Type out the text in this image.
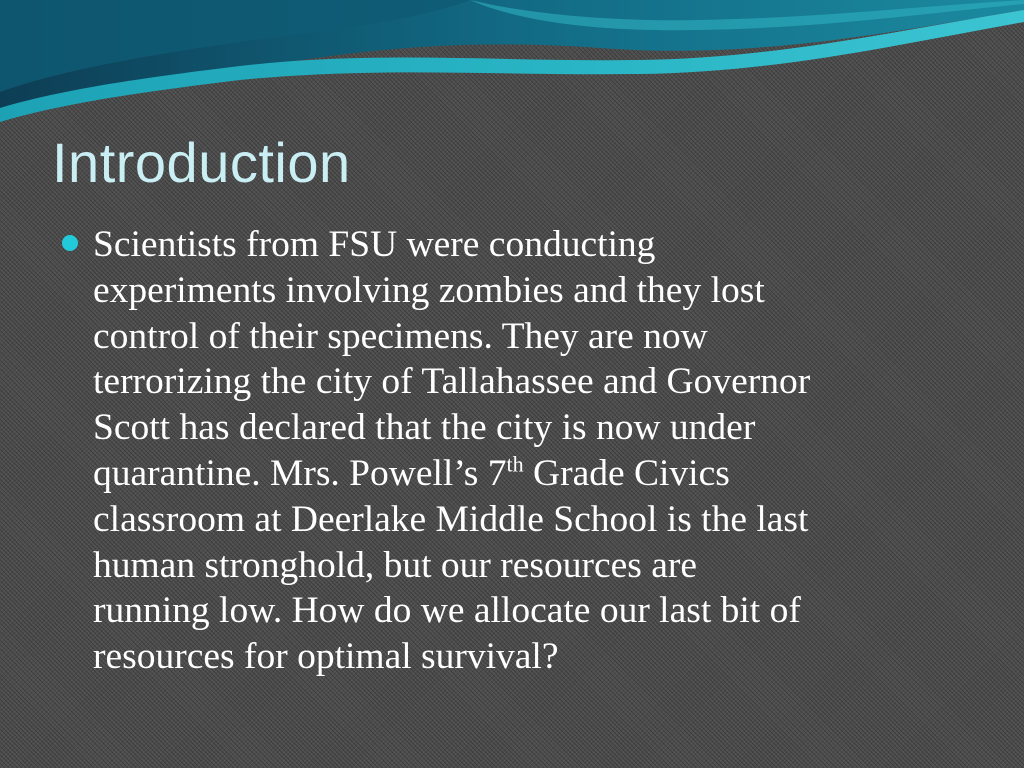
Introduction

Scientists from FSU were conducting
experiments involving zombies and they lost
control of their specimens. They are now
terrorizing the city of Tallahassee and Governor
Scott has declared that the city is now under
quarantine. Mrs. Powell’s 7th Grade Civics
classroom at Deerlake Middle School is the last
human stronghold, but our resources are
running low. How do we allocate our last bit of
resources for optimal survival?
